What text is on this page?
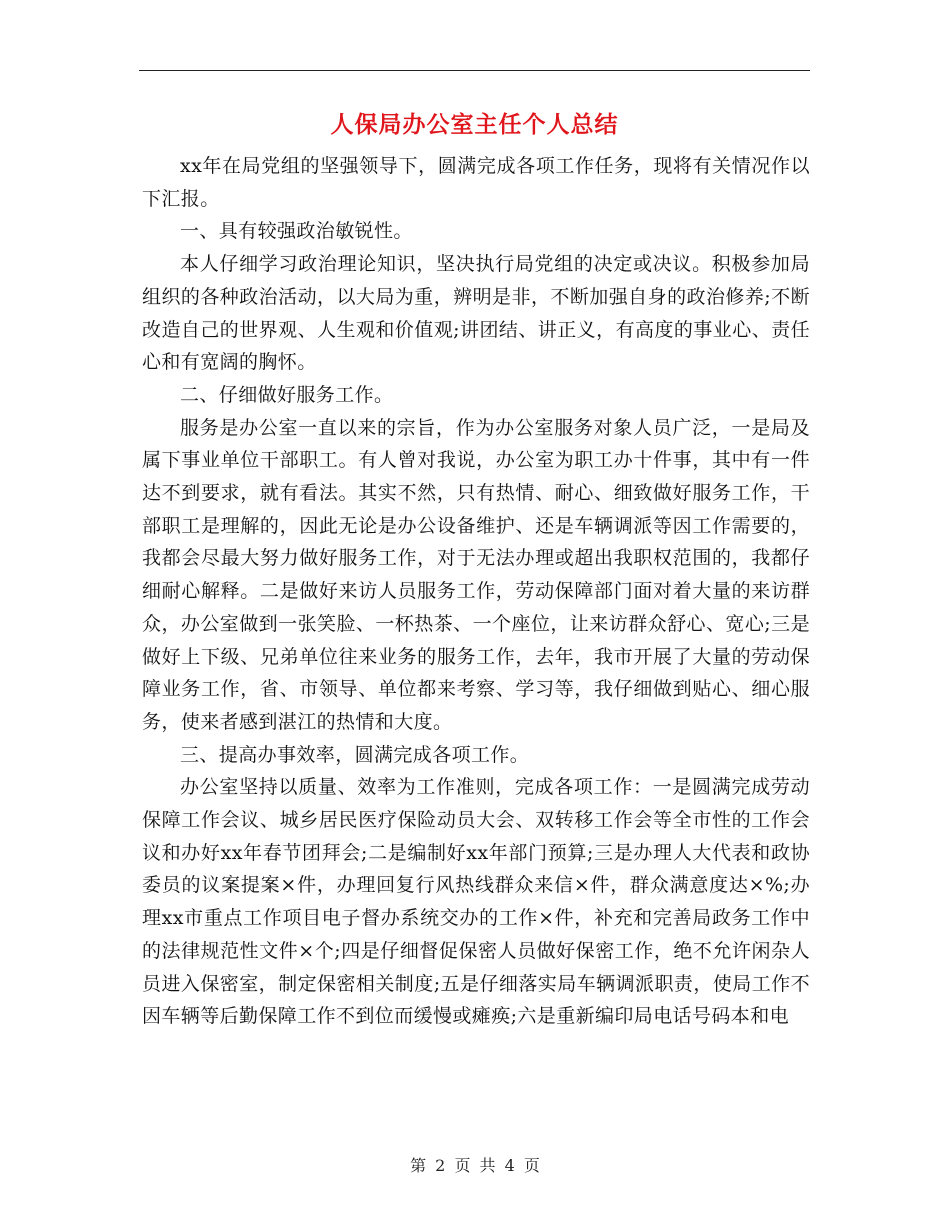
人保局办公室主任个人总结

xx年在局党组的坚强领导下，圆满完成各项工作任务，现将有关情况作以下汇报。

一、具有较强政治敏锐性。

本人仔细学习政治理论知识，坚决执行局党组的决定或决议。积极参加局组织的各种政治活动，以大局为重，辨明是非，不断加强自身的政治修养;不断改造自己的世界观、人生观和价值观;讲团结、讲正义，有高度的事业心、责任心和有宽阔的胸怀。

二、仔细做好服务工作。

服务是办公室一直以来的宗旨，作为办公室服务对象人员广泛，一是局及属下事业单位干部职工。有人曾对我说，办公室为职工办十件事，其中有一件达不到要求，就有看法。其实不然，只有热情、耐心、细致做好服务工作，干部职工是理解的，因此无论是办公设备维护、还是车辆调派等因工作需要的，我都会尽最大努力做好服务工作，对于无法办理或超出我职权范围的，我都仔细耐心解释。二是做好来访人员服务工作，劳动保障部门面对着大量的来访群众，办公室做到一张笑脸、一杯热茶、一个座位，让来访群众舒心、宽心;三是做好上下级、兄弟单位往来业务的服务工作，去年，我市开展了大量的劳动保障业务工作，省、市领导、单位都来考察、学习等，我仔细做到贴心、细心服务，使来者感到湛江的热情和大度。

三、提高办事效率，圆满完成各项工作。

办公室坚持以质量、效率为工作准则，完成各项工作：一是圆满完成劳动保障工作会议、城乡居民医疗保险动员大会、双转移工作会等全市性的工作会议和办好xx年春节团拜会;二是编制好xx年部门预算;三是办理人大代表和政协委员的议案提案×件，办理回复行风热线群众来信×件，群众满意度达×%;办理xx市重点工作项目电子督办系统交办的工作×件，补充和完善局政务工作中的法律规范性文件×个;四是仔细督促保密人员做好保密工作，绝不允许闲杂人员进入保密室，制定保密相关制度;五是仔细落实局车辆调派职责，使局工作不因车辆等后勤保障工作不到位而缓慢或瘫痪;六是重新编印局电话号码本和电

第 2 页 共 4 页
